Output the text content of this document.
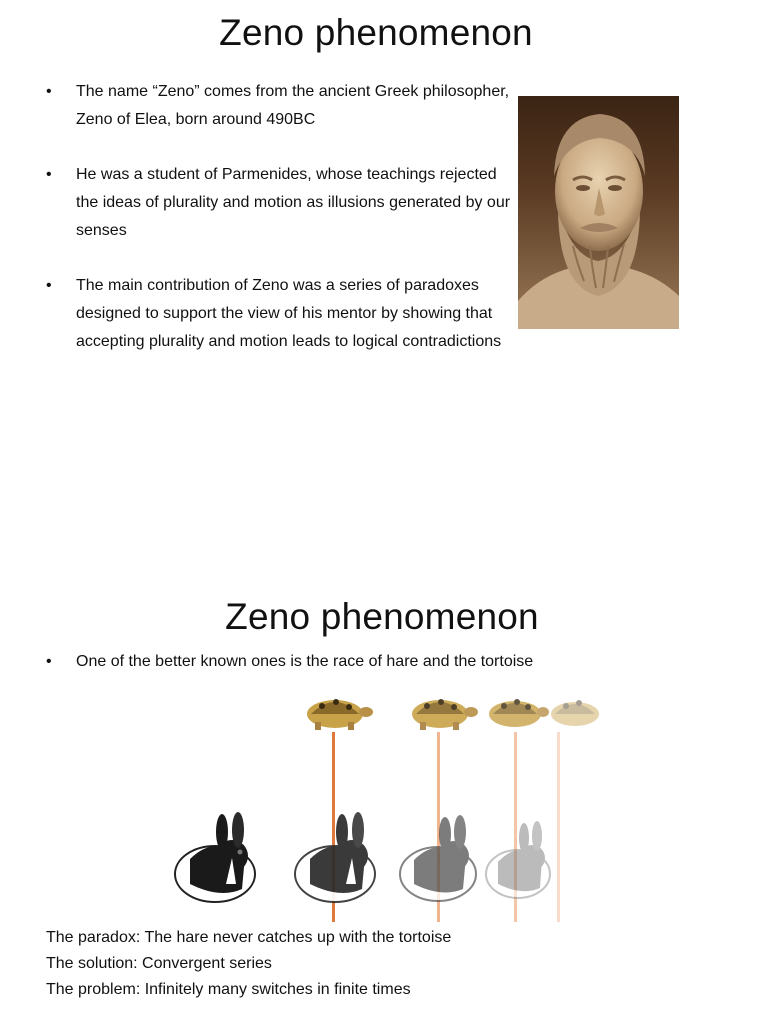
Zeno phenomenon
• The name “Zeno” comes from the ancient Greek philosopher, Zeno of Elea, born around 490BC
• He was a student of Parmenides, whose teachings rejected the ideas of plurality and motion as illusions generated by our senses
• The main contribution of Zeno was a series of paradoxes designed to support the view of his mentor by showing that accepting plurality and motion leads to logical contradictions
Zeno phenomenon
• One of the better known ones is the race of hare and the tortoise
The paradox: The hare never catches up with the tortoise
The solution: Convergent series
The problem: Infinitely many switches in finite times
